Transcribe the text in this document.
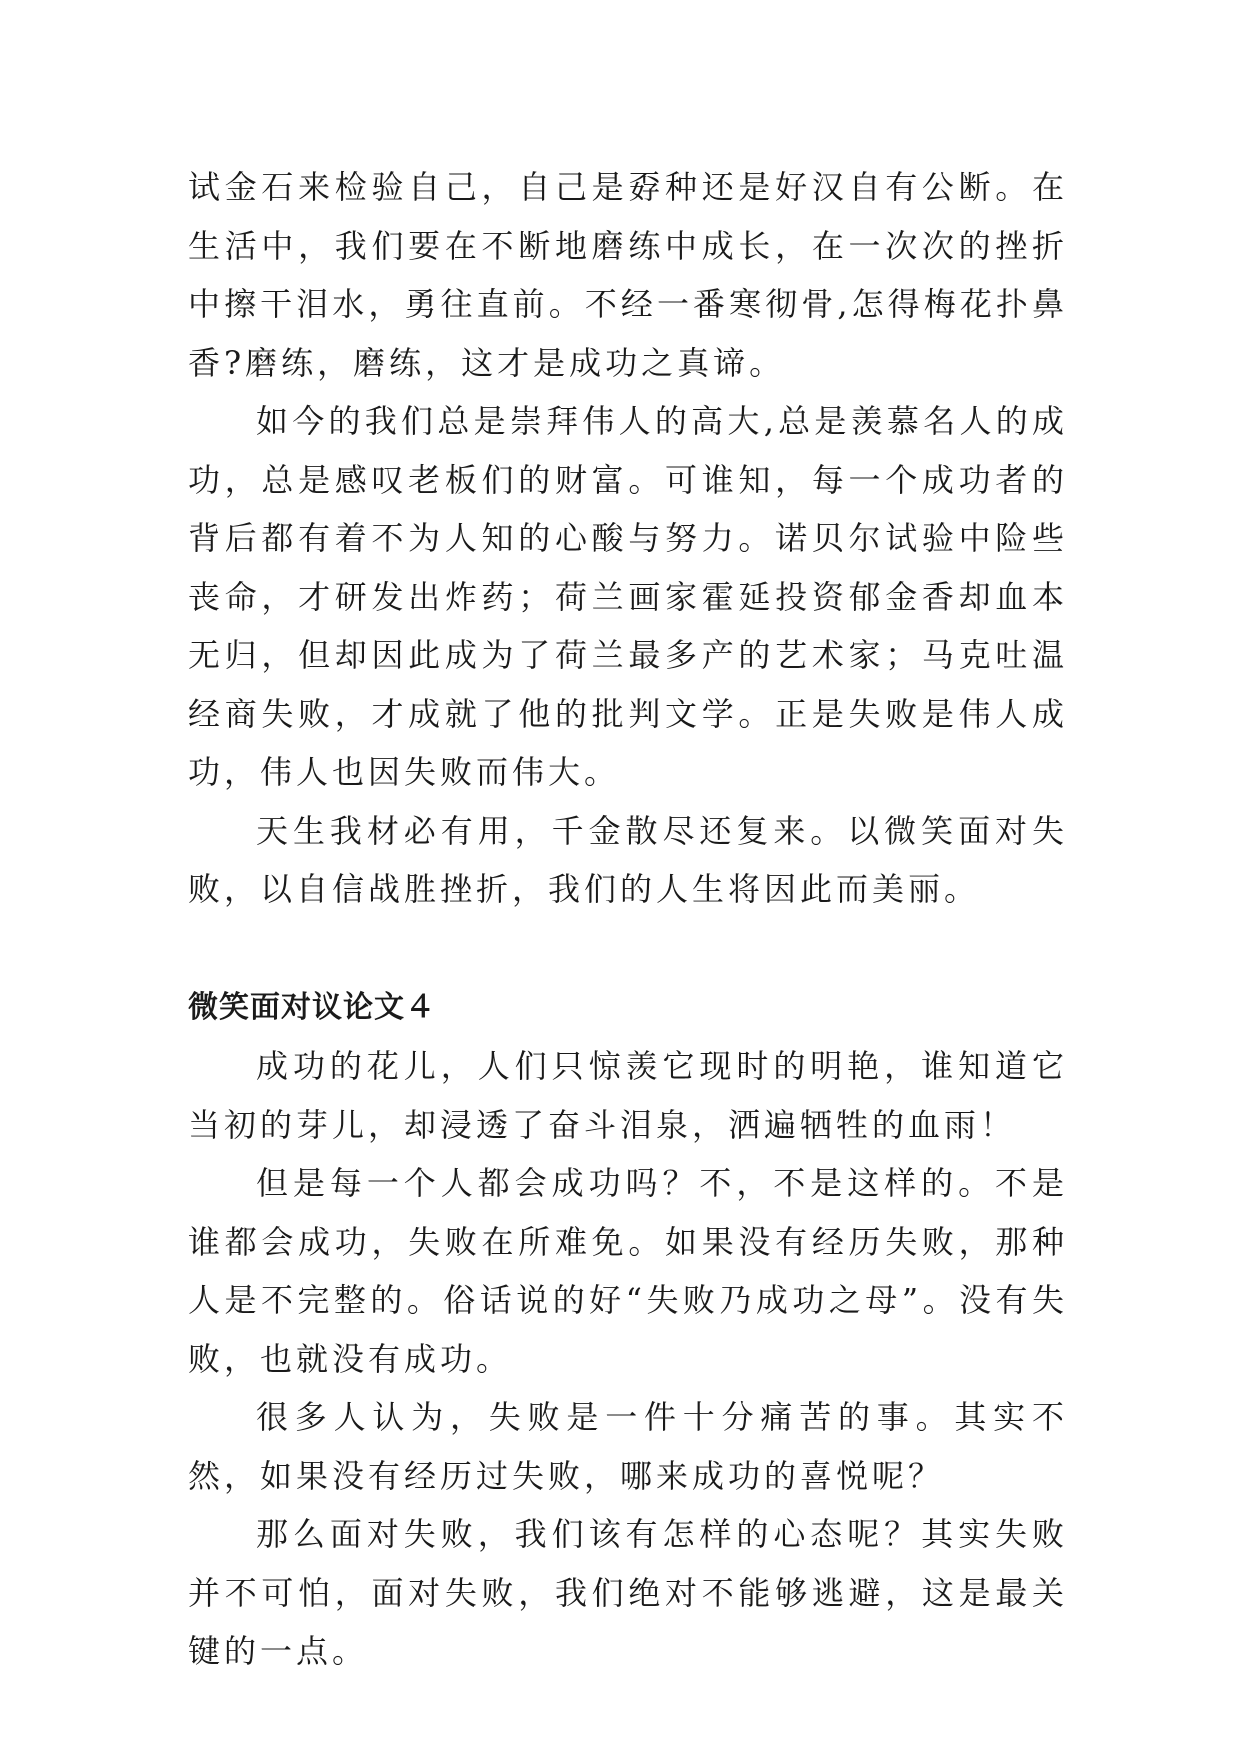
试金石来检验自己，自己是孬种还是好汉自有公断。在生活中，我们要在不断地磨练中成长，在一次次的挫折中擦干泪水，勇往直前。不经一番寒彻骨,怎得梅花扑鼻香?磨练，磨练，这才是成功之真谛。

如今的我们总是崇拜伟人的高大,总是羡慕名人的成功，总是感叹老板们的财富。可谁知，每一个成功者的背后都有着不为人知的心酸与努力。诺贝尔试验中险些丧命，才研发出炸药；荷兰画家霍延投资郁金香却血本无归，但却因此成为了荷兰最多产的艺术家；马克吐温经商失败，才成就了他的批判文学。正是失败是伟人成功，伟人也因失败而伟大。

天生我材必有用，千金散尽还复来。以微笑面对失败，以自信战胜挫折，我们的人生将因此而美丽。

微笑面对议论文４

成功的花儿，人们只惊羡它现时的明艳，谁知道它当初的芽儿，却浸透了奋斗泪泉，洒遍牺牲的血雨！

但是每一个人都会成功吗？不，不是这样的。不是谁都会成功，失败在所难免。如果没有经历失败，那种人是不完整的。俗话说的好“失败乃成功之母”。没有失败，也就没有成功。

很多人认为，失败是一件十分痛苦的事。其实不然，如果没有经历过失败，哪来成功的喜悦呢？

那么面对失败，我们该有怎样的心态呢？其实失败并不可怕，面对失败，我们绝对不能够逃避，这是最关键的一点。
